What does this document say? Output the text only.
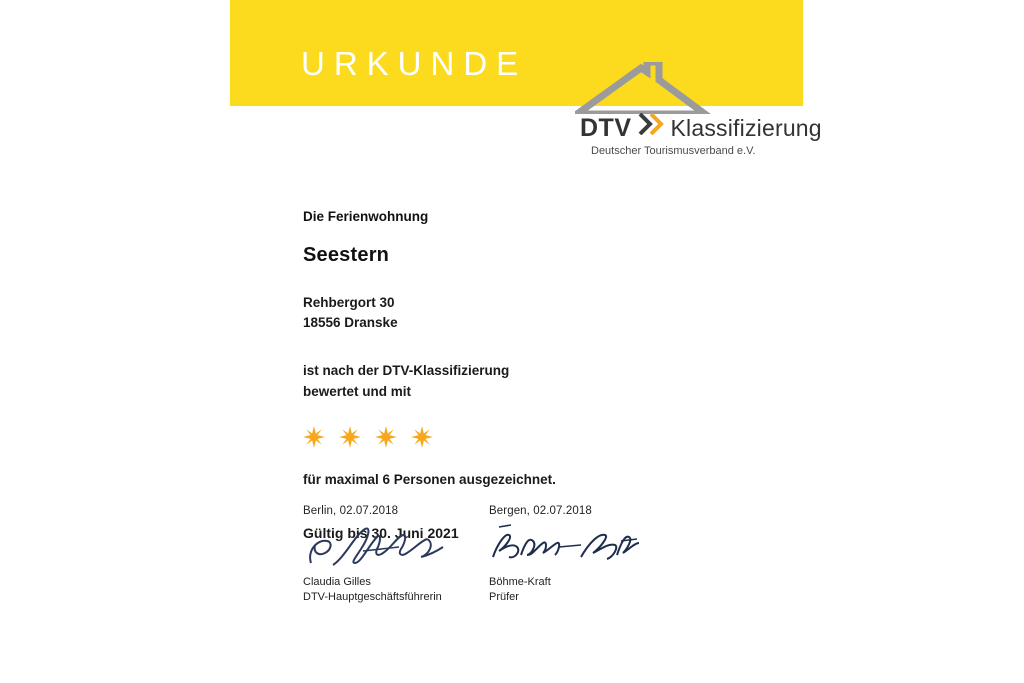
URKUNDE
DTV Klassifizierung
Deutscher Tourismusverband e.V.
Die Ferienwohnung
Seestern
Rehbergort 30
18556 Dranske
ist nach der DTV-Klassifizierung
bewertet und mit
für maximal 6 Personen ausgezeichnet.
Gültig bis 30. Juni 2021
Berlin, 02.07.2018
Claudia Gilles
DTV-Hauptgeschäftsführerin
Bergen, 02.07.2018
Böhme-Kraft
Prüfer
